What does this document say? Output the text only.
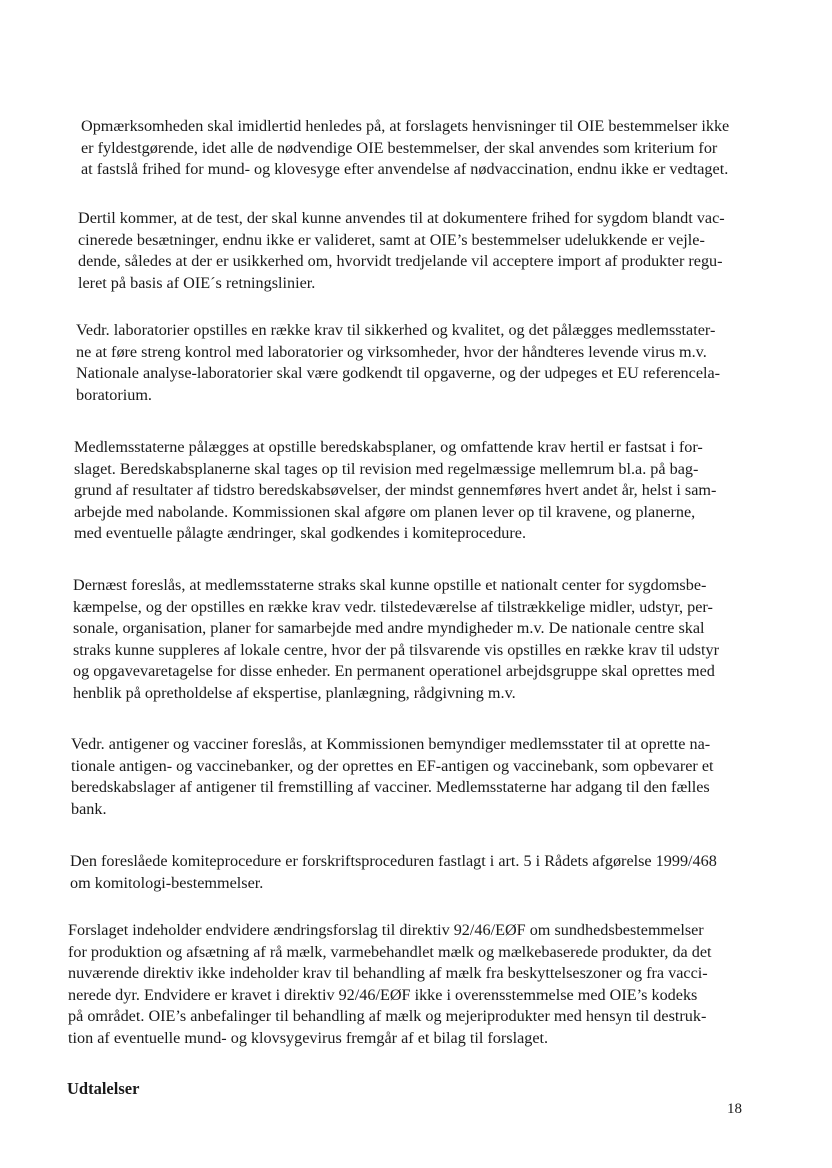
Opmærksomheden skal imidlertid henledes på, at forslagets henvisninger til OIE bestemmelser ikke
er fyldestgørende, idet alle de nødvendige OIE bestemmelser, der skal anvendes som kriterium for
at fastslå frihed for mund- og klovesyge efter anvendelse af nødvaccination, endnu ikke er vedtaget.
Dertil kommer, at de test, der skal kunne anvendes til at dokumentere frihed for sygdom blandt vac-
cinerede besætninger, endnu ikke er valideret, samt at OIE’s bestemmelser udelukkende er vejle-
dende, således at der er usikkerhed om, hvorvidt tredjelande vil acceptere import af produkter regu-
leret på basis af OIE´s retningslinier.
Vedr. laboratorier opstilles en række krav til sikkerhed og kvalitet, og det pålægges medlemsstater-
ne at føre streng kontrol med laboratorier og virksomheder, hvor der håndteres levende virus m.v.
Nationale analyse-laboratorier skal være godkendt til opgaverne, og der udpeges et EU referencela-
boratorium.
Medlemsstaterne pålægges at opstille beredskabsplaner, og omfattende krav hertil er fastsat i for-
slaget. Beredskabsplanerne skal tages op til revision med regelmæssige mellemrum bl.a. på bag-
grund af resultater af tidstro beredskabsøvelser, der mindst gennemføres hvert andet år, helst i sam-
arbejde med nabolande. Kommissionen skal afgøre om planen lever op til kravene, og planerne,
med eventuelle pålagte ændringer, skal godkendes i komiteprocedure.
Dernæst foreslås, at medlemsstaterne straks skal kunne opstille et nationalt center for sygdomsbe-
kæmpelse, og der opstilles en række krav vedr. tilstedeværelse af tilstrækkelige midler, udstyr, per-
sonale, organisation, planer for samarbejde med andre myndigheder m.v. De nationale centre skal
straks kunne suppleres af lokale centre, hvor der på tilsvarende vis opstilles en række krav til udstyr
og opgavevaretagelse for disse enheder. En permanent operationel arbejdsgruppe skal oprettes med
henblik på opretholdelse af ekspertise, planlægning, rådgivning m.v.
Vedr. antigener og vacciner foreslås, at Kommissionen bemyndiger medlemsstater til at oprette na-
tionale antigen- og vaccinebanker, og der oprettes en EF-antigen og vaccinebank, som opbevarer et
beredskabslager af antigener til fremstilling af vacciner. Medlemsstaterne har adgang til den fælles
bank.
Den foreslåede komiteprocedure er forskriftsproceduren fastlagt i art. 5 i Rådets afgørelse 1999/468
om komitologi-bestemmelser.
Forslaget indeholder endvidere ændringsforslag til direktiv 92/46/EØF om sundhedsbestemmelser
for produktion og afsætning af rå mælk, varmebehandlet mælk og mælkebaserede produkter, da det
nuværende direktiv ikke indeholder krav til behandling af mælk fra beskyttelseszoner og fra vacci-
nerede dyr. Endvidere er kravet i direktiv 92/46/EØF ikke i overensstemmelse med OIE’s kodeks
på området. OIE’s anbefalinger til behandling af mælk og mejeriprodukter med hensyn til destruk-
tion af eventuelle mund- og klovsygevirus fremgår af et bilag til forslaget.
Udtalelser
18
